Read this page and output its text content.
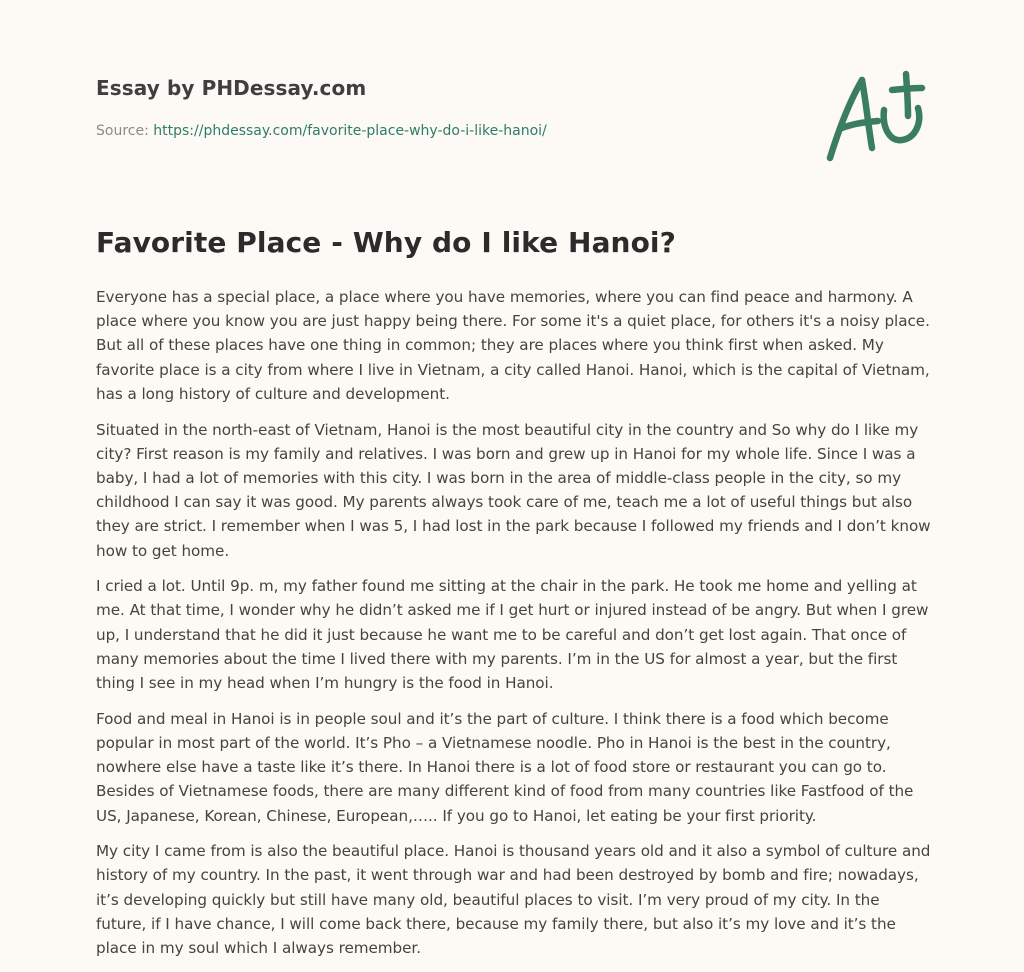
Essay by PHDessay.com

Source: https://phdessay.com/favorite-place-why-do-i-like-hanoi/

Favorite Place - Why do I like Hanoi?

Everyone has a special place, a place where you have memories, where you can find peace and harmony. A place where you know you are just happy being there. For some it's a quiet place, for others it's a noisy place. But all of these places have one thing in common; they are places where you think first when asked. My favorite place is a city from where I live in Vietnam, a city called Hanoi. Hanoi, which is the capital of Vietnam, has a long history of culture and development.

Situated in the north-east of Vietnam, Hanoi is the most beautiful city in the country and So why do I like my city? First reason is my family and relatives. I was born and grew up in Hanoi for my whole life. Since I was a baby, I had a lot of memories with this city. I was born in the area of middle-class people in the city, so my childhood I can say it was good. My parents always took care of me, teach me a lot of useful things but also they are strict. I remember when I was 5, I had lost in the park because I followed my friends and I don’t know how to get home.

I cried a lot. Until 9p. m, my father found me sitting at the chair in the park. He took me home and yelling at me. At that time, I wonder why he didn’t asked me if I get hurt or injured instead of be angry. But when I grew up, I understand that he did it just because he want me to be careful and don’t get lost again. That once of many memories about the time I lived there with my parents. I’m in the US for almost a year, but the first thing I see in my head when I’m hungry is the food in Hanoi.

Food and meal in Hanoi is in people soul and it’s the part of culture. I think there is a food which become popular in most part of the world. It’s Pho – a Vietnamese noodle. Pho in Hanoi is the best in the country, nowhere else have a taste like it’s there. In Hanoi there is a lot of food store or restaurant you can go to. Besides of Vietnamese foods, there are many different kind of food from many countries like Fastfood of the US, Japanese, Korean, Chinese, European,….. If you go to Hanoi, let eating be your first priority.

My city I came from is also the beautiful place. Hanoi is thousand years old and it also a symbol of culture and history of my country. In the past, it went through war and had been destroyed by bomb and fire; nowadays, it’s developing quickly but still have many old, beautiful places to visit. I’m very proud of my city. In the future, if I have chance, I will come back there, because my family there, but also it’s my love and it’s the place in my soul which I always remember.
